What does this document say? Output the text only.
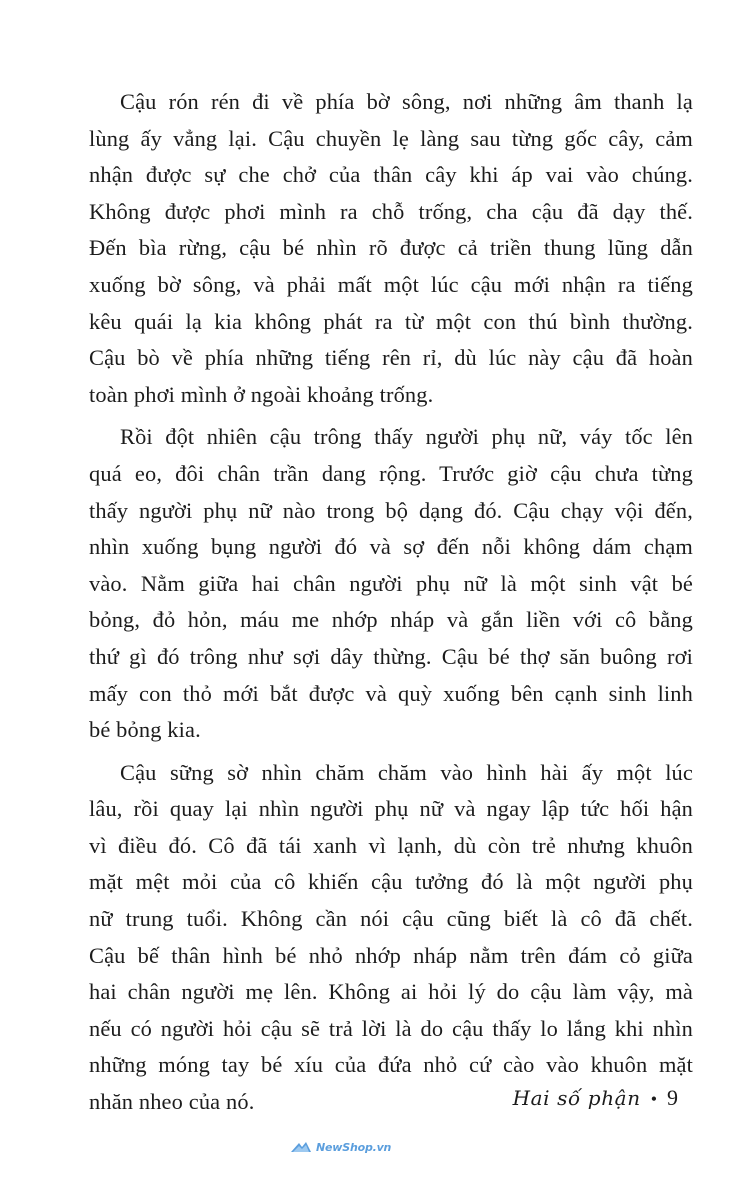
Cậu rón rén đi về phía bờ sông, nơi những âm thanh lạ
lùng ấy vẳng lại. Cậu chuyền lẹ làng sau từng gốc cây, cảm
nhận được sự che chở của thân cây khi áp vai vào chúng.
Không được phơi mình ra chỗ trống, cha cậu đã dạy thế.
Đến bìa rừng, cậu bé nhìn rõ được cả triền thung lũng dẫn
xuống bờ sông, và phải mất một lúc cậu mới nhận ra tiếng
kêu quái lạ kia không phát ra từ một con thú bình thường.
Cậu bò về phía những tiếng rên rỉ, dù lúc này cậu đã hoàn
toàn phơi mình ở ngoài khoảng trống.
Rồi đột nhiên cậu trông thấy người phụ nữ, váy tốc lên
quá eo, đôi chân trần dang rộng. Trước giờ cậu chưa từng
thấy người phụ nữ nào trong bộ dạng đó. Cậu chạy vội đến,
nhìn xuống bụng người đó và sợ đến nỗi không dám chạm
vào. Nằm giữa hai chân người phụ nữ là một sinh vật bé
bỏng, đỏ hỏn, máu me nhớp nháp và gắn liền với cô bằng
thứ gì đó trông như sợi dây thừng. Cậu bé thợ săn buông rơi
mấy con thỏ mới bắt được và quỳ xuống bên cạnh sinh linh
bé bỏng kia.
Cậu sững sờ nhìn chăm chăm vào hình hài ấy một lúc
lâu, rồi quay lại nhìn người phụ nữ và ngay lập tức hối hận
vì điều đó. Cô đã tái xanh vì lạnh, dù còn trẻ nhưng khuôn
mặt mệt mỏi của cô khiến cậu tưởng đó là một người phụ
nữ trung tuổi. Không cần nói cậu cũng biết là cô đã chết.
Cậu bế thân hình bé nhỏ nhớp nháp nằm trên đám cỏ giữa
hai chân người mẹ lên. Không ai hỏi lý do cậu làm vậy, mà
nếu có người hỏi cậu sẽ trả lời là do cậu thấy lo lắng khi nhìn
những móng tay bé xíu của đứa nhỏ cứ cào vào khuôn mặt
nhăn nheo của nó.	Hai số phận • 9
NewShop.vn
